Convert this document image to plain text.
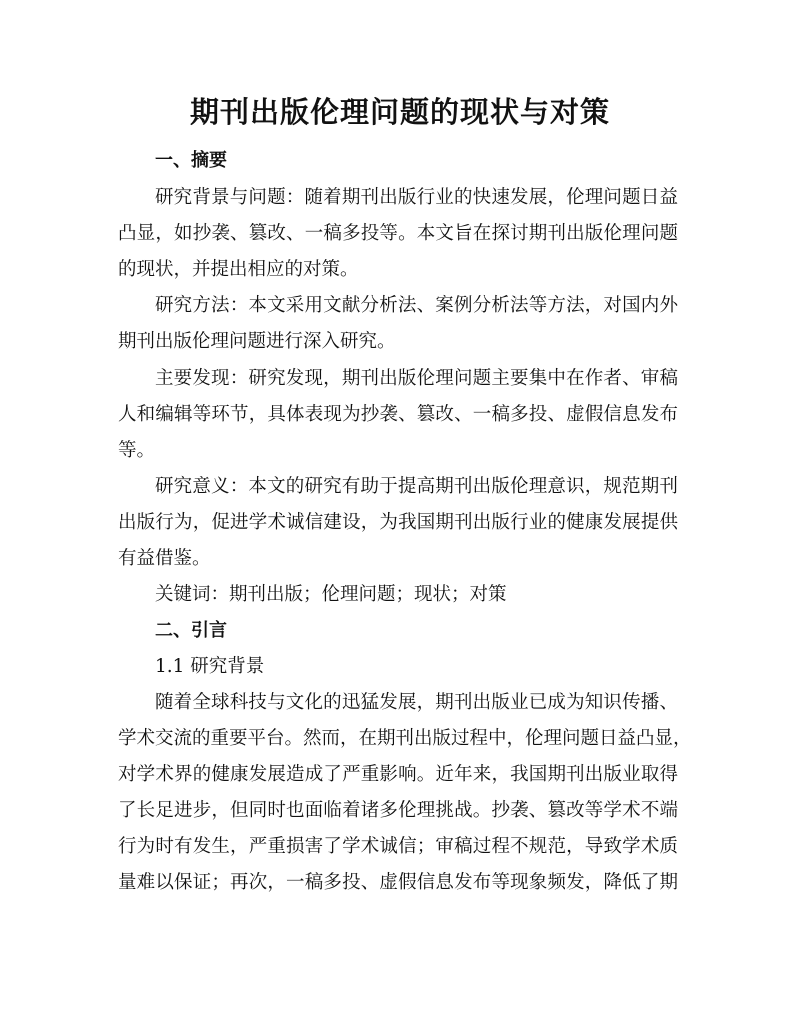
期刊出版伦理问题的现状与对策
一、摘要
研究背景与问题：随着期刊出版行业的快速发展，伦理问题日益
凸显，如抄袭、篡改、一稿多投等。本文旨在探讨期刊出版伦理问题
的现状，并提出相应的对策。
研究方法：本文采用文献分析法、案例分析法等方法，对国内外
期刊出版伦理问题进行深入研究。
主要发现：研究发现，期刊出版伦理问题主要集中在作者、审稿
人和编辑等环节，具体表现为抄袭、篡改、一稿多投、虚假信息发布
等。
研究意义：本文的研究有助于提高期刊出版伦理意识，规范期刊
出版行为，促进学术诚信建设，为我国期刊出版行业的健康发展提供
有益借鉴。
关键词：期刊出版；伦理问题；现状；对策
二、引言
1.1 研究背景
随着全球科技与文化的迅猛发展，期刊出版业已成为知识传播、
学术交流的重要平台。然而，在期刊出版过程中，伦理问题日益凸显，
对学术界的健康发展造成了严重影响。近年来，我国期刊出版业取得
了长足进步，但同时也面临着诸多伦理挑战。抄袭、篡改等学术不端
行为时有发生，严重损害了学术诚信；审稿过程不规范，导致学术质
量难以保证；再次，一稿多投、虚假信息发布等现象频发，降低了期
